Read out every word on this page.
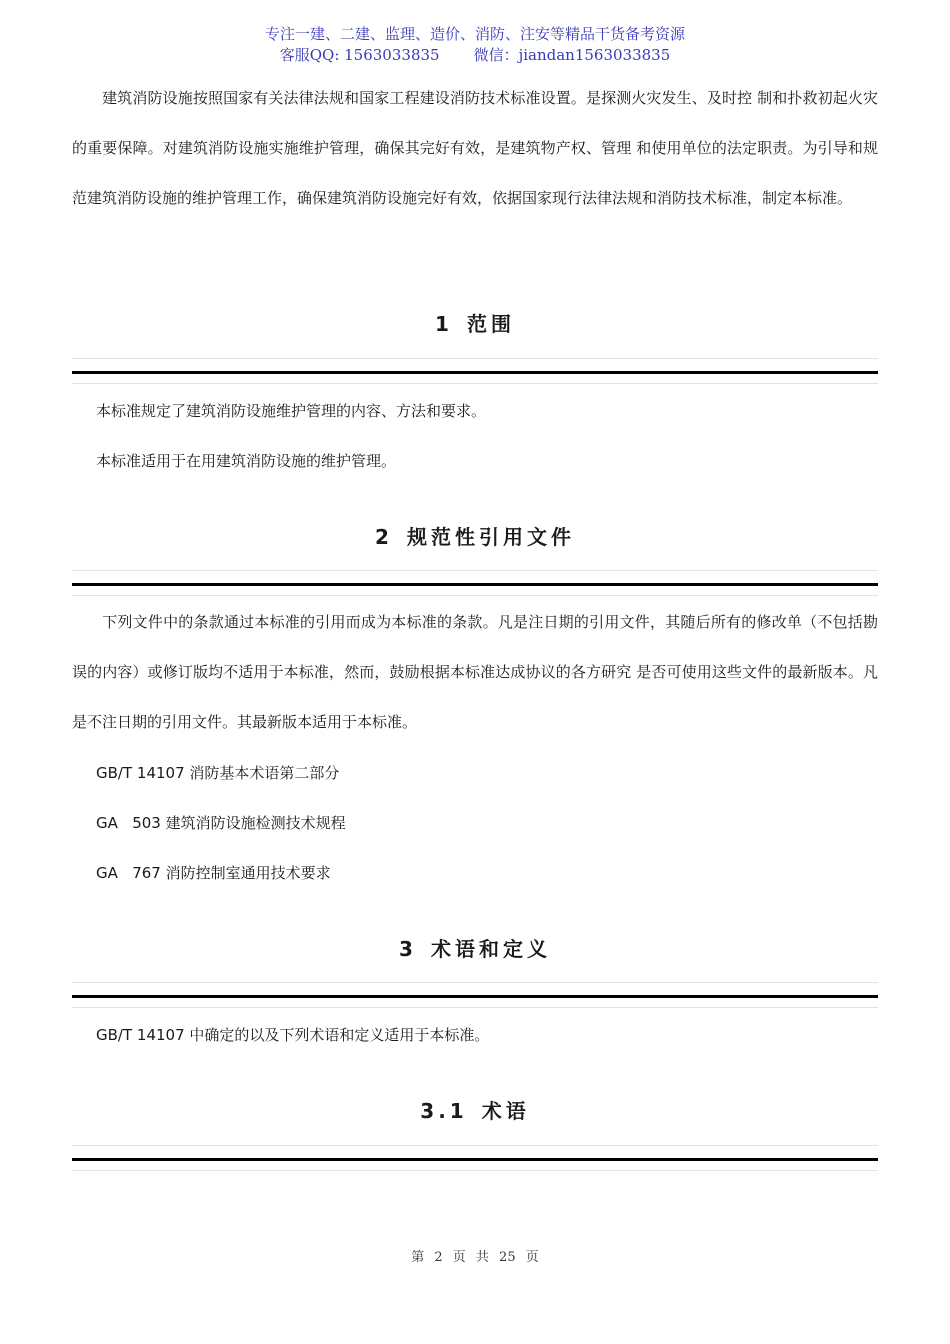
专注一建、二建、监理、造价、消防、注安等精品干货备考资源
客服QQ: 1563033835 微信：jiandan1563033835
建筑消防设施按照国家有关法律法规和国家工程建设消防技术标准设置。是探测火灾发生、及时控 制和扑救初起火灾的重要保障。对建筑消防设施实施维护管理，确保其完好有效，是建筑物产权、管理 和使用单位的法定职责。为引导和规范建筑消防设施的维护管理工作，确保建筑消防设施完好有效，依据国家现行法律法规和消防技术标准，制定本标准。
1 范围
本标准规定了建筑消防设施维护管理的内容、方法和要求。
本标准适用于在用建筑消防设施的维护管理。
2 规范性引用文件
下列文件中的条款通过本标准的引用而成为本标准的条款。凡是注日期的引用文件，其随后所有的修改单（不包括勘误的内容）或修订版均不适用于本标准，然而，鼓励根据本标准达成协议的各方研究 是否可使用这些文件的最新版本。凡是不注日期的引用文件。其最新版本适用于本标准。
GB/T 14107 消防基本术语第二部分
GA   503 建筑消防设施检测技术规程
GA   767 消防控制室通用技术要求
3 术语和定义
GB/T 14107 中确定的以及下列术语和定义适用于本标准。
3.1 术语
第 2 页 共 25 页
